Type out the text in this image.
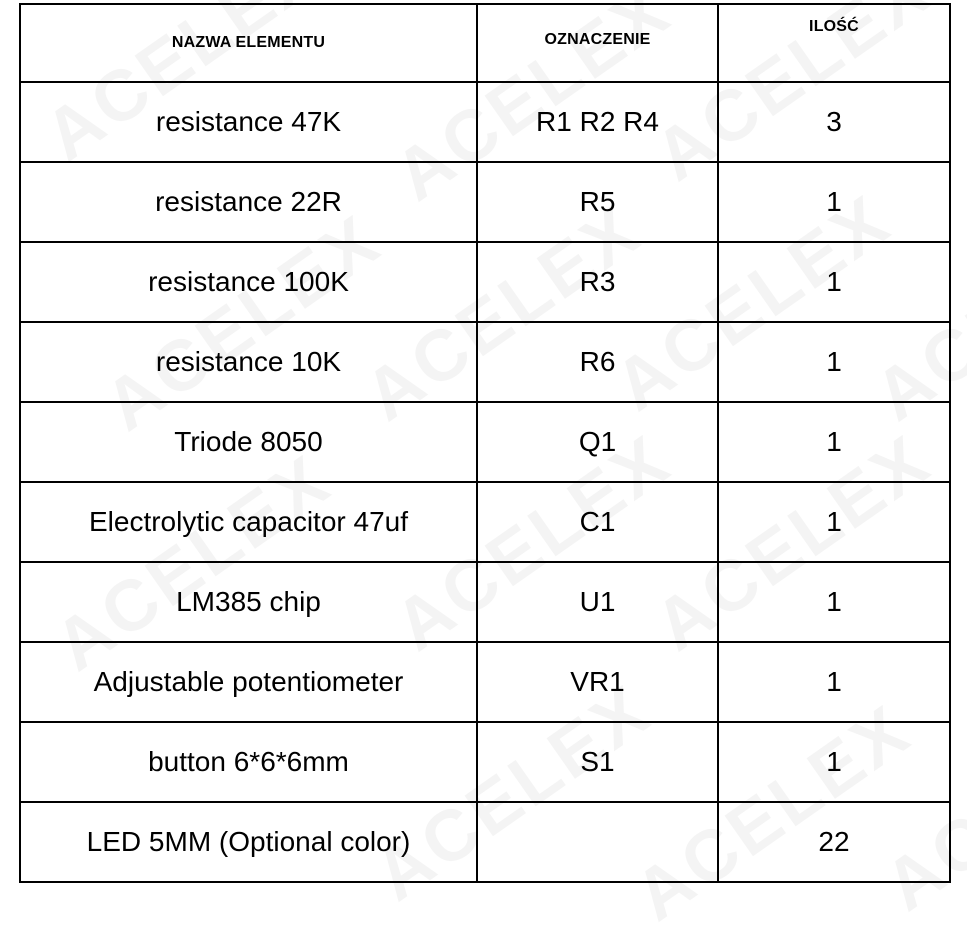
NAZWA ELEMENTU	OZNACZENIE	ILOŚĆ
resistance 47K	R1 R2 R4	3
resistance 22R	R5	1
resistance 100K	R3	1
resistance 10K	R6	1
Triode 8050	Q1	1
Electrolytic capacitor 47uf	C1	1
LM385 chip	U1	1
Adjustable potentiometer	VR1	1
button 6*6*6mm	S1	1
LED 5MM (Optional color)		22
